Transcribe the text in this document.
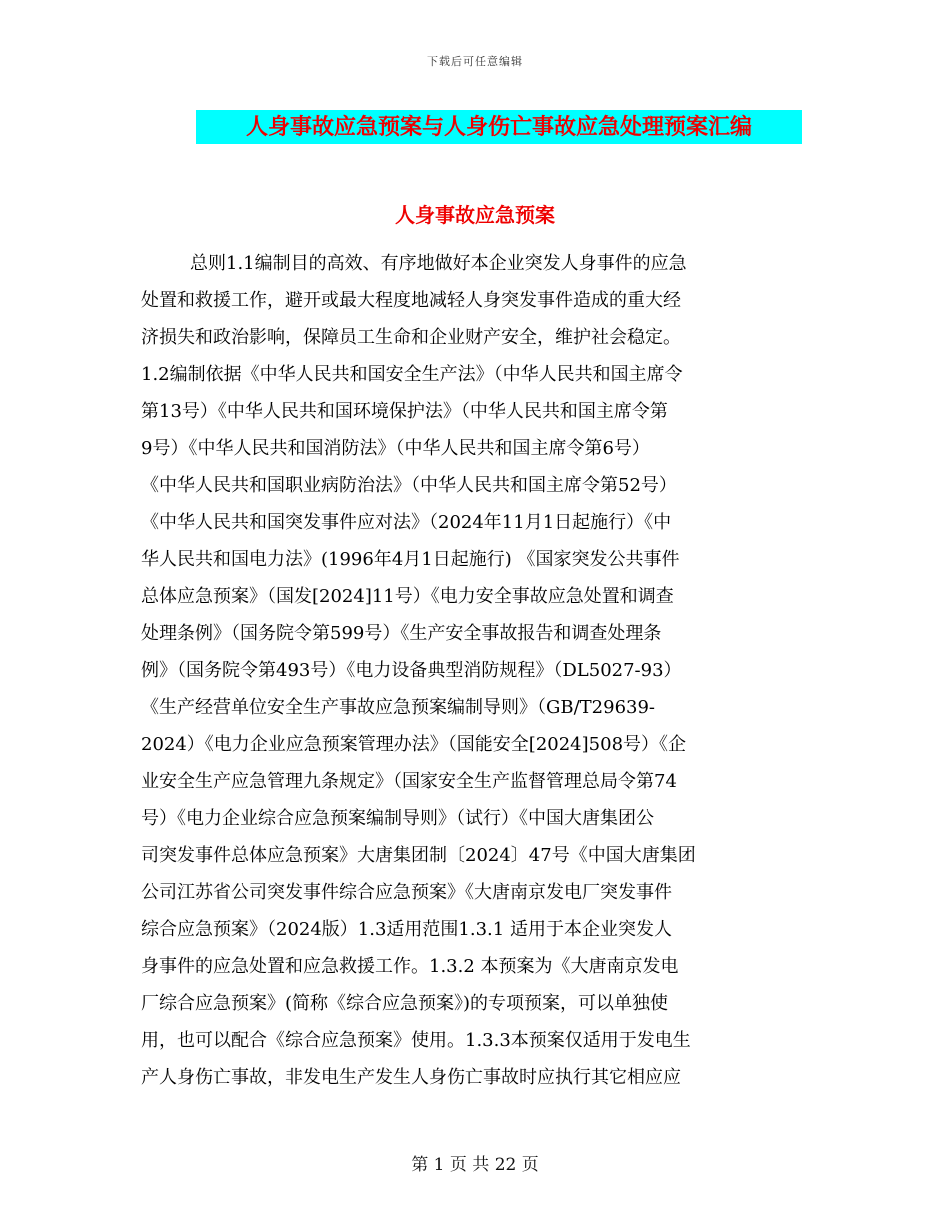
下载后可任意编辑
人身事故应急预案与人身伤亡事故应急处理预案汇编
人身事故应急预案
总则1.1编制目的高效、有序地做好本企业突发人身事件的应急
处置和救援工作，避开或最大程度地减轻人身突发事件造成的重大经
济损失和政治影响，保障员工生命和企业财产安全，维护社会稳定。
1.2编制依据《中华人民共和国安全生产法》（中华人民共和国主席令
第13号）《中华人民共和国环境保护法》（中华人民共和国主席令第
9号）《中华人民共和国消防法》（中华人民共和国主席令第6号）
《中华人民共和国职业病防治法》（中华人民共和国主席令第52号）
《中华人民共和国突发事件应对法》（2024年11月1日起施行）《中
华人民共和国电力法》(1996年4月1日起施行) 《国家突发公共事件
总体应急预案》（国发[2024]11号）《电力安全事故应急处置和调查
处理条例》（国务院令第599号）《生产安全事故报告和调查处理条
例》（国务院令第493号）《电力设备典型消防规程》（DL5027-93）
《生产经营单位安全生产事故应急预案编制导则》（GB/T29639-
2024）《电力企业应急预案管理办法》（国能安全[2024]508号）《企
业安全生产应急管理九条规定》（国家安全生产监督管理总局令第74
号）《电力企业综合应急预案编制导则》（试行）《中国大唐集团公
司突发事件总体应急预案》大唐集团制〔2024〕47号《中国大唐集团
公司江苏省公司突发事件综合应急预案》《大唐南京发电厂突发事件
综合应急预案》（2024版）1.3适用范围1.3.1 适用于本企业突发人
身事件的应急处置和应急救援工作。1.3.2 本预案为《大唐南京发电
厂综合应急预案》(简称《综合应急预案》)的专项预案，可以单独使
用，也可以配合《综合应急预案》使用。1.3.3本预案仅适用于发电生
产人身伤亡事故，非发电生产发生人身伤亡事故时应执行其它相应应
第 1 页 共 22 页
